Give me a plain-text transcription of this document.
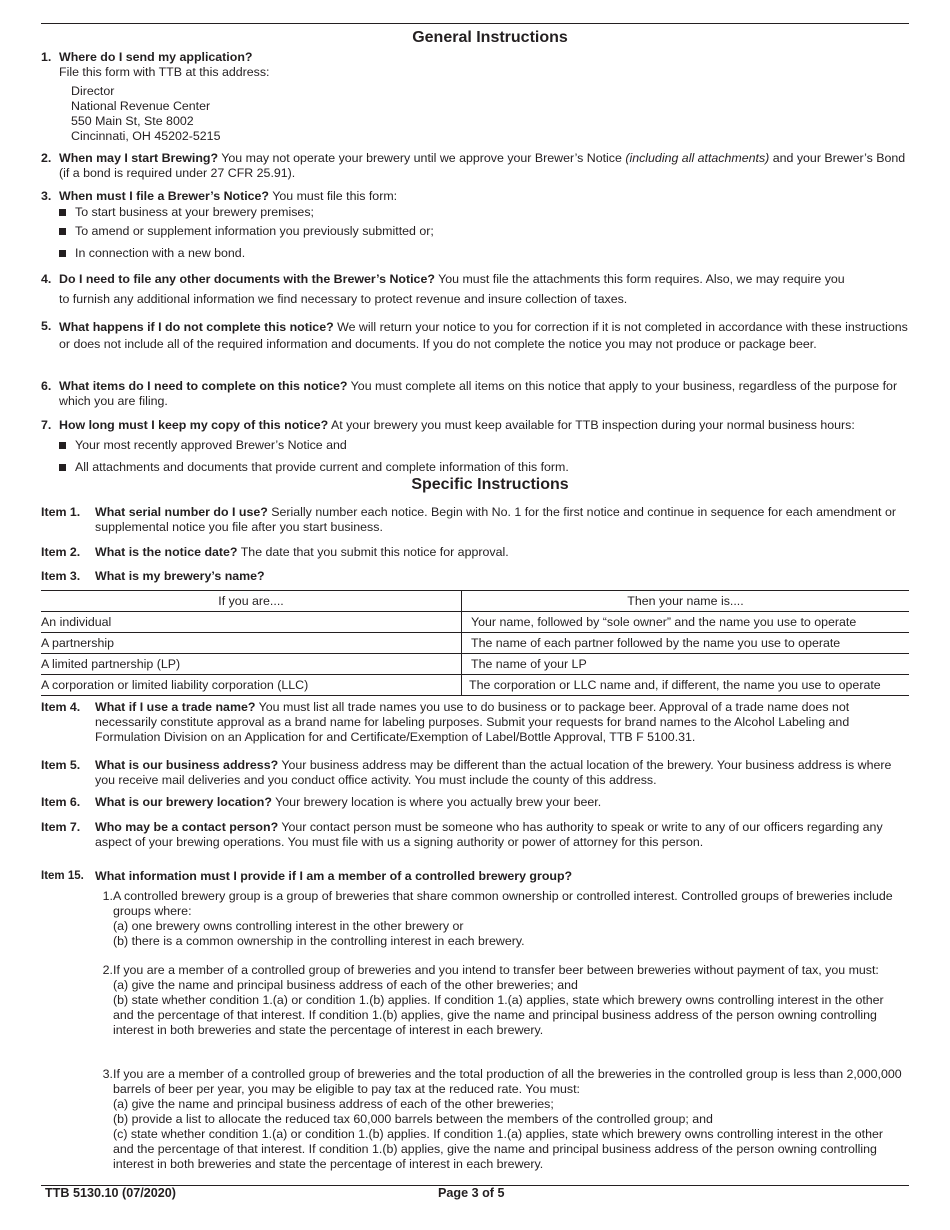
General Instructions
1. Where do I send my application?
File this form with TTB at this address:
Director
National Revenue Center
550 Main St, Ste 8002
Cincinnati, OH 45202-5215
2. When may I start Brewing? You may not operate your brewery until we approve your Brewer’s Notice (including all attachments) and your Brewer’s Bond (if a bond is required under 27 CFR 25.91).
3. When must I file a Brewer’s Notice? You must file this form:
To start business at your brewery premises;
To amend or supplement information you previously submitted or;
In connection with a new bond.
4. Do I need to file any other documents with the Brewer’s Notice? You must file the attachments this form requires. Also, we may require you
to furnish any additional information we find necessary to protect revenue and insure collection of taxes.
5. What happens if I do not complete this notice? We will return your notice to you for correction if it is not completed in accordance with these instructions or does not include all of the required information and documents. If you do not complete the notice you may not produce or package beer.
6. What items do I need to complete on this notice? You must complete all items on this notice that apply to your business, regardless of the purpose for which you are filing.
7. How long must I keep my copy of this notice? At your brewery you must keep available for TTB inspection during your normal business hours:
Your most recently approved Brewer’s Notice and
All attachments and documents that provide current and complete information of this form.
Specific Instructions
Item 1.	What serial number do I use? Serially number each notice. Begin with No. 1 for the first notice and continue in sequence for each amendment or supplemental notice you file after you start business.
Item 2.	What is the notice date? The date that you submit this notice for approval.
Item 3.	What is my brewery’s name?
If you are....	Then your name is....
An individual	Your name, followed by “sole owner” and the name you use to operate
A partnership	The name of each partner followed by the name you use to operate
A limited partnership (LP)	The name of your LP
A corporation or limited liability corporation (LLC)	The corporation or LLC name and, if different, the name you use to operate
Item 4.	What if I use a trade name? You must list all trade names you use to do business or to package beer. Approval of a trade name does not necessarily constitute approval as a brand name for labeling purposes. Submit your requests for brand names to the Alcohol Labeling and Formulation Division on an Application for and Certificate/Exemption of Label/Bottle Approval, TTB F 5100.31.
Item 5.	What is our business address? Your business address may be different than the actual location of the brewery. Your business address is where you receive mail deliveries and you conduct office activity. You must include the county of this address.
Item 6.	What is our brewery location? Your brewery location is where you actually brew your beer.
Item 7.	Who may be a contact person? Your contact person must be someone who has authority to speak or write to any of our officers regarding any aspect of your brewing operations. You must file with us a signing authority or power of attorney for this person.
Item 15. What information must I provide if I am a member of a controlled brewery group?
1. A controlled brewery group is a group of breweries that share common ownership or controlled interest. Controlled groups of breweries include groups where:
(a) one brewery owns controlling interest in the other brewery or
(b) there is a common ownership in the controlling interest in each brewery.
2. If you are a member of a controlled group of breweries and you intend to transfer beer between breweries without payment of tax, you must:
(a) give the name and principal business address of each of the other breweries; and
(b) state whether condition 1.(a) or condition 1.(b) applies. If condition 1.(a) applies, state which brewery owns controlling interest in the other and the percentage of that interest. If condition 1.(b) applies, give the name and principal business address of the person owning controlling interest in both breweries and state the percentage of interest in each brewery.
3. If you are a member of a controlled group of breweries and the total production of all the breweries in the controlled group is less than 2,000,000 barrels of beer per year, you may be eligible to pay tax at the reduced rate. You must:
(a) give the name and principal business address of each of the other breweries;
(b) provide a list to allocate the reduced tax 60,000 barrels between the members of the controlled group; and
(c) state whether condition 1.(a) or condition 1.(b) applies. If condition 1.(a) applies, state which brewery owns controlling interest in the other and the percentage of that interest. If condition 1.(b) applies, give the name and principal business address of the person owning controlling interest in both breweries and state the percentage of interest in each brewery.
TTB 5130.10 (07/2020)	Page 3 of 5
